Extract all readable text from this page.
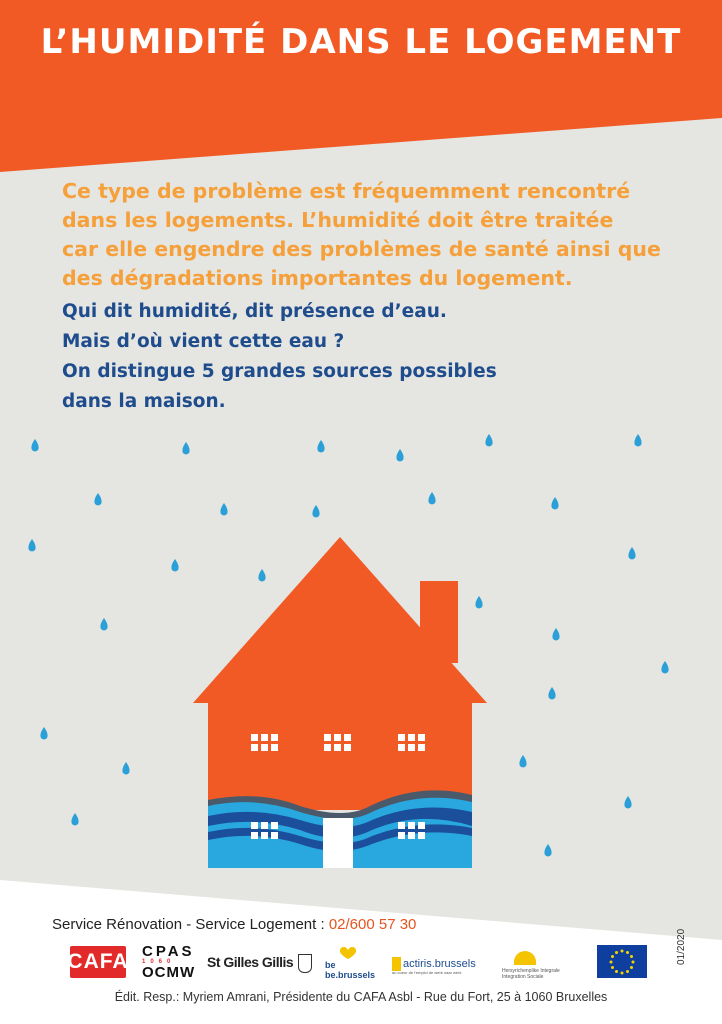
L’HUMIDITÉ DANS LE LOGEMENT

Ce type de problème est fréquemment rencontré
dans les logements. L’humidité doit être traitée
car elle engendre des problèmes de santé ainsi que
des dégradations importantes du logement.

Qui dit humidité, dit présence d’eau.
Mais d’où vient cette eau ?
On distingue 5 grandes sources possibles
dans la maison.

Service Rénovation - Service Logement : 02/600 57 30
CAFA CPAS
1060
OCMW
St Gilles Gillis	be
be.brussels
actiris.brussels
au coeur de l'emploi de werk naar werk	Hersyrichenplike Integrale
Integration Sociale
01/2020
Édit. Resp.: Myriem Amrani, Présidente du CAFA Asbl - Rue du Fort, 25 à 1060 Bruxelles
